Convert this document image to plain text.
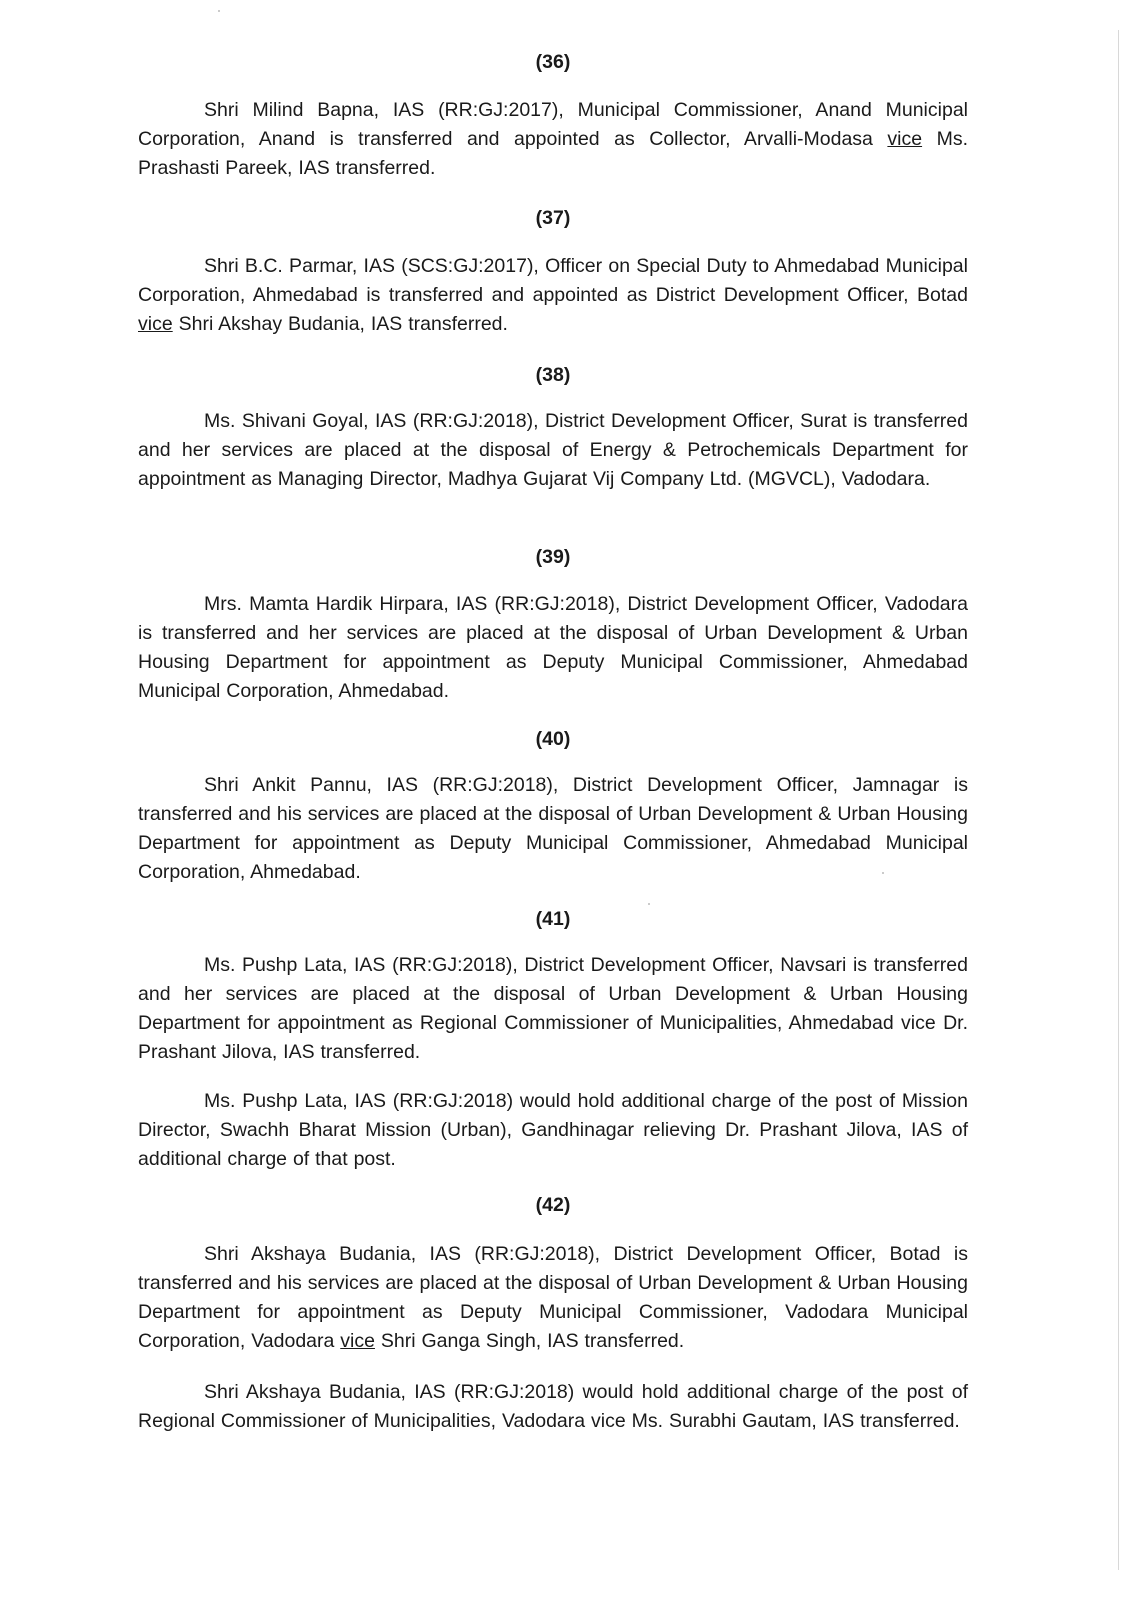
(36)

Shri Milind Bapna, IAS (RR:GJ:2017), Municipal Commissioner, Anand Municipal Corporation, Anand is transferred and appointed as Collector, Arvalli-Modasa vice Ms. Prashasti Pareek, IAS transferred.

(37)

Shri B.C. Parmar, IAS (SCS:GJ:2017), Officer on Special Duty to Ahmedabad Municipal Corporation, Ahmedabad is transferred and appointed as District Development Officer, Botad vice Shri Akshay Budania, IAS transferred.

(38)

Ms. Shivani Goyal, IAS (RR:GJ:2018), District Development Officer, Surat is transferred and her services are placed at the disposal of Energy & Petrochemicals Department for appointment as Managing Director, Madhya Gujarat Vij Company Ltd. (MGVCL), Vadodara.

(39)

Mrs. Mamta Hardik Hirpara, IAS (RR:GJ:2018), District Development Officer, Vadodara is transferred and her services are placed at the disposal of Urban Development & Urban Housing Department for appointment as Deputy Municipal Commissioner, Ahmedabad Municipal Corporation, Ahmedabad.

(40)

Shri Ankit Pannu, IAS (RR:GJ:2018), District Development Officer, Jamnagar is transferred and his services are placed at the disposal of Urban Development & Urban Housing Department for appointment as Deputy Municipal Commissioner, Ahmedabad Municipal Corporation, Ahmedabad.

(41)

Ms. Pushp Lata, IAS (RR:GJ:2018), District Development Officer, Navsari is transferred and her services are placed at the disposal of Urban Development & Urban Housing Department for appointment as Regional Commissioner of Municipalities, Ahmedabad vice Dr. Prashant Jilova, IAS transferred.

Ms. Pushp Lata, IAS (RR:GJ:2018) would hold additional charge of the post of Mission Director, Swachh Bharat Mission (Urban), Gandhinagar relieving Dr. Prashant Jilova, IAS of additional charge of that post.

(42)

Shri Akshaya Budania, IAS (RR:GJ:2018), District Development Officer, Botad is transferred and his services are placed at the disposal of Urban Development & Urban Housing Department for appointment as Deputy Municipal Commissioner, Vadodara Municipal Corporation, Vadodara vice Shri Ganga Singh, IAS transferred.

Shri Akshaya Budania, IAS (RR:GJ:2018) would hold additional charge of the post of Regional Commissioner of Municipalities, Vadodara vice Ms. Surabhi Gautam, IAS transferred.
